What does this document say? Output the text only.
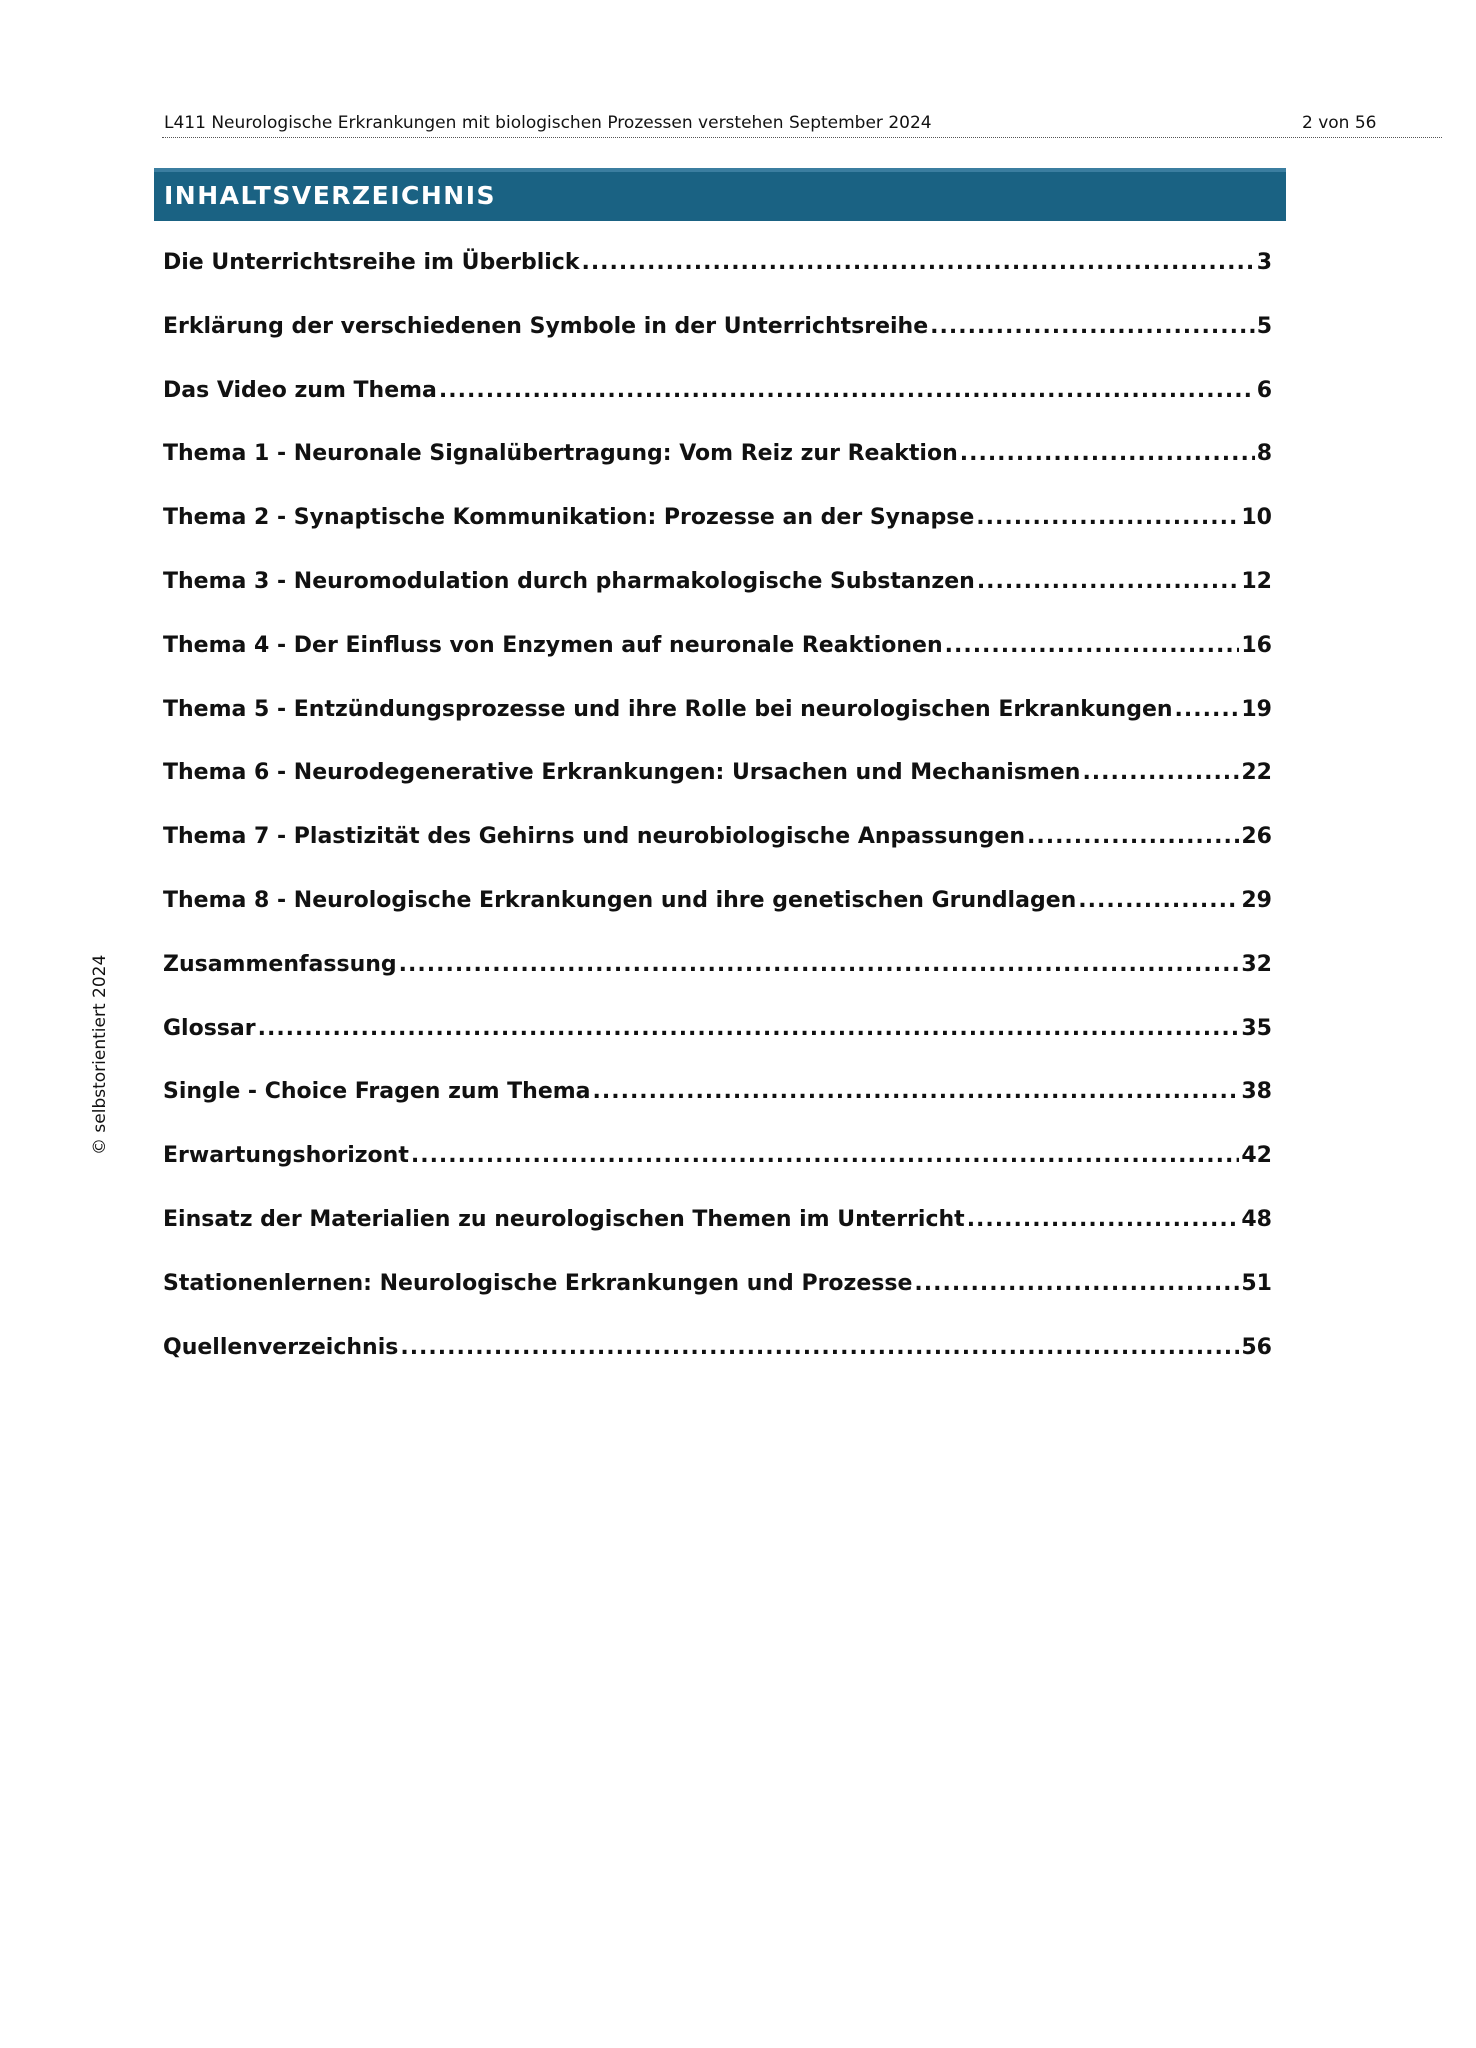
L411 Neurologische Erkrankungen mit biologischen Prozessen verstehen September 2024	2 von 56
INHALTSVERZEICHNIS
Die Unterrichtsreihe im Überblick .....	3
Erklärung der verschiedenen Symbole in der Unterrichtsreihe .....	5
Das Video zum Thema .....	6
Thema 1 - Neuronale Signalübertragung: Vom Reiz zur Reaktion .....	8
Thema 2 - Synaptische Kommunikation: Prozesse an der Synapse .....	10
Thema 3 - Neuromodulation durch pharmakologische Substanzen .....	12
Thema 4 - Der Einfluss von Enzymen auf neuronale Reaktionen .....	16
Thema 5 - Entzündungsprozesse und ihre Rolle bei neurologischen Erkrankungen .....	19
Thema 6 - Neurodegenerative Erkrankungen: Ursachen und Mechanismen .....	22
Thema 7 - Plastizität des Gehirns und neurobiologische Anpassungen .....	26
Thema 8 - Neurologische Erkrankungen und ihre genetischen Grundlagen .....	29
Zusammenfassung .....	32
Glossar .....	35
Single - Choice Fragen zum Thema .....	38
Erwartungshorizont .....	42
Einsatz der Materialien zu neurologischen Themen im Unterricht .....	48
Stationenlernen: Neurologische Erkrankungen und Prozesse .....	51
Quellenverzeichnis .....	56
© selbstorientiert 2024
